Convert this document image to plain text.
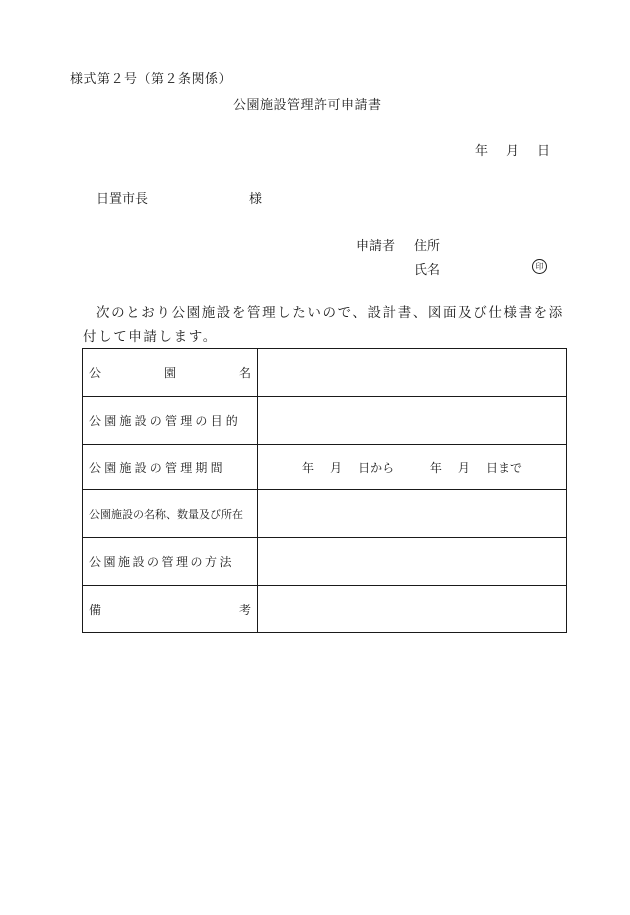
様式第２号（第２条関係）
公園施設管理許可申請書
年 月 日
日置市長	様
申請者 住所
氏名	印
次のとおり公園施設を管理したいので、設計書、図面及び仕様書を添
付して申請します。
公 園 名	

公園施設の管理の目的	
公園施設の管理期間	年 月 日から 年 月 日まで
公園施設の名称、数量及び所在	
公園施設の管理の方法	

備 考	
